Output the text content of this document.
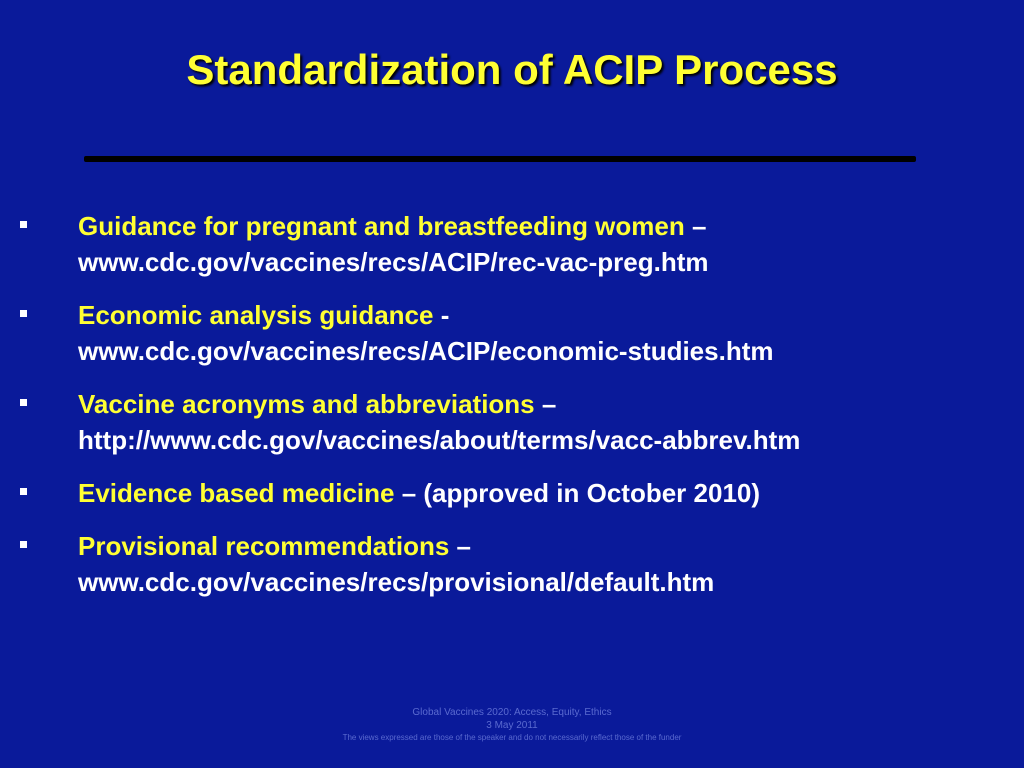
Standardization of ACIP Process
Guidance for pregnant and breastfeeding women –
www.cdc.gov/vaccines/recs/ACIP/rec-vac-preg.htm
Economic analysis guidance -
www.cdc.gov/vaccines/recs/ACIP/economic-studies.htm
Vaccine acronyms and abbreviations –
http://www.cdc.gov/vaccines/about/terms/vacc-abbrev.htm
Evidence based medicine – (approved in October 2010)
Provisional recommendations –
www.cdc.gov/vaccines/recs/provisional/default.htm
Global Vaccines 2020: Access, Equity, Ethics
3 May 2011
The views expressed are those of the speaker and do not necessarily reflect those of the funder
